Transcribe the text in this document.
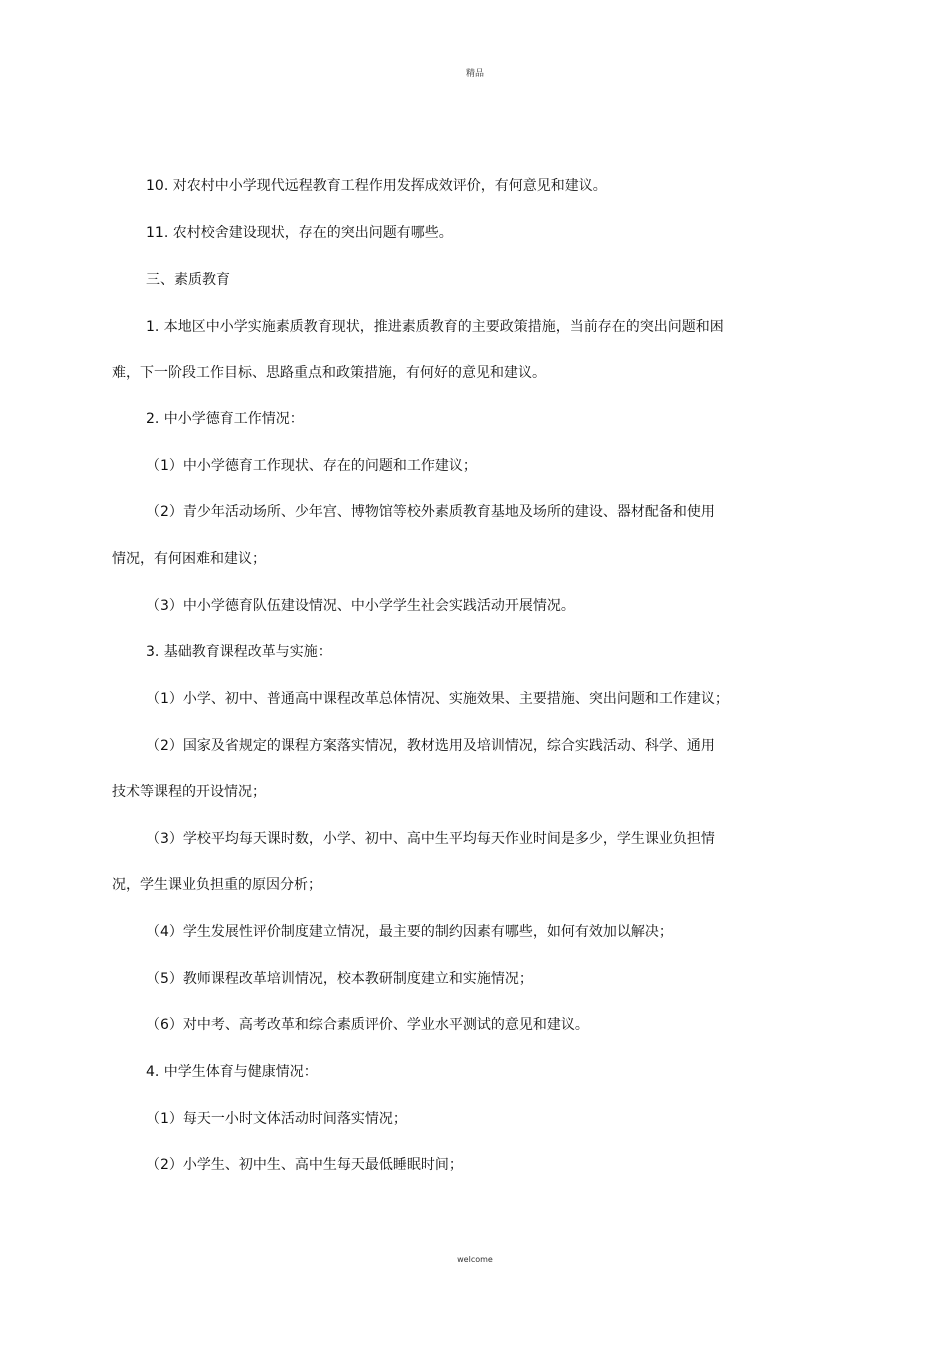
精品
10. 对农村中小学现代远程教育工程作用发挥成效评价，有何意见和建议。
11. 农村校舍建设现状，存在的突出问题有哪些。
三、素质教育
1. 本地区中小学实施素质教育现状，推进素质教育的主要政策措施，当前存在的突出问题和困
难，下一阶段工作目标、思路重点和政策措施，有何好的意见和建议。
2. 中小学德育工作情况：
（1）中小学德育工作现状、存在的问题和工作建议；
（2）青少年活动场所、少年宫、博物馆等校外素质教育基地及场所的建设、器材配备和使用
情况，有何困难和建议；
（3）中小学德育队伍建设情况、中小学学生社会实践活动开展情况。
3. 基础教育课程改革与实施：
（1）小学、初中、普通高中课程改革总体情况、实施效果、主要措施、突出问题和工作建议；
（2）国家及省规定的课程方案落实情况，教材选用及培训情况，综合实践活动、科学、通用
技术等课程的开设情况；
（3）学校平均每天课时数，小学、初中、高中生平均每天作业时间是多少，学生课业负担情
况，学生课业负担重的原因分析；
（4）学生发展性评价制度建立情况，最主要的制约因素有哪些，如何有效加以解决；
（5）教师课程改革培训情况，校本教研制度建立和实施情况；
（6）对中考、高考改革和综合素质评价、学业水平测试的意见和建议。
4. 中学生体育与健康情况：
（1）每天一小时文体活动时间落实情况；
（2）小学生、初中生、高中生每天最低睡眠时间；
welcome
